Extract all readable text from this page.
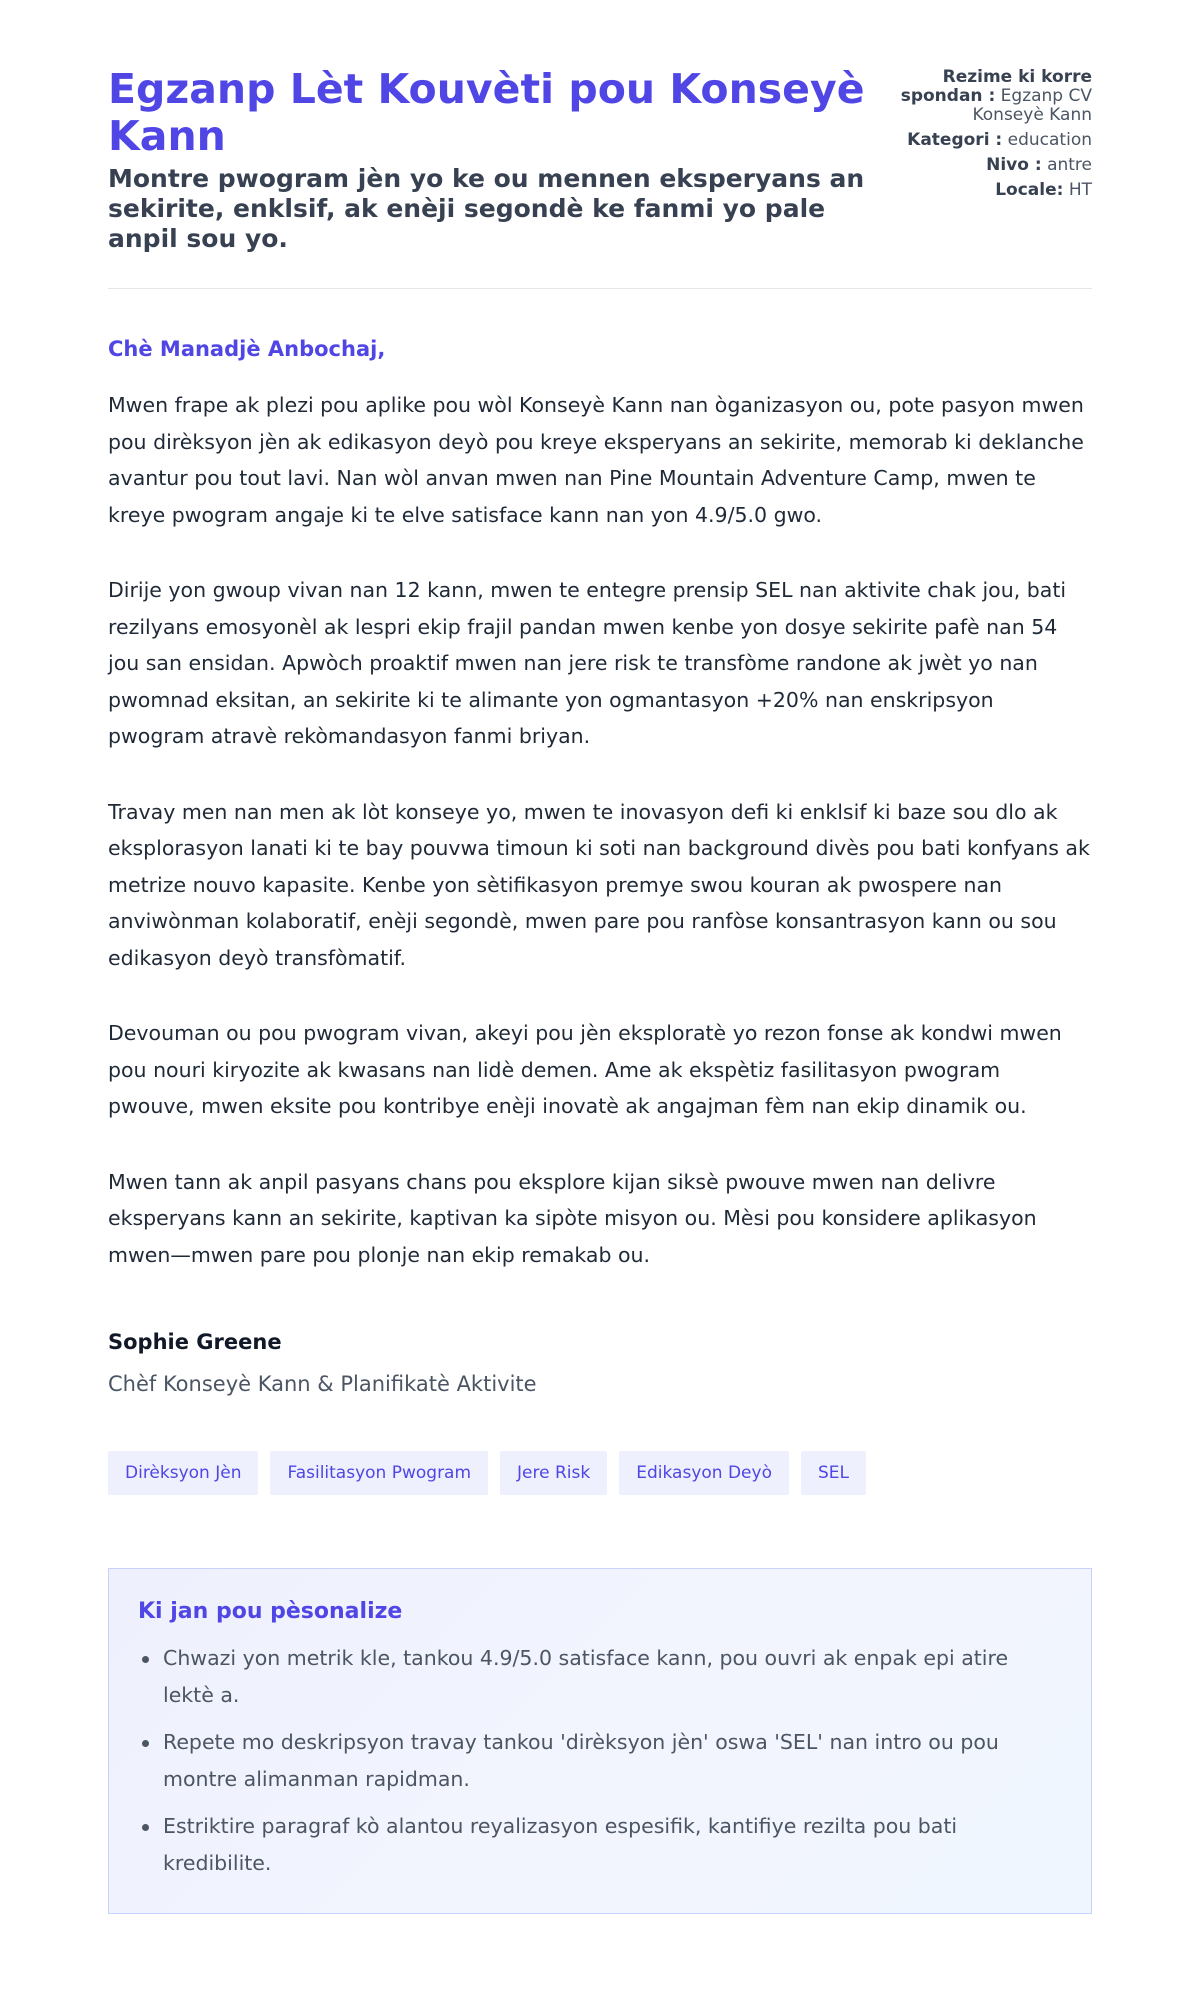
Egzanp Lèt Kouvèti pou Konseyè Kann
Montre pwogram jèn yo ke ou mennen eksperyans an sekirite, enklsif, ak enèji segondè ke fanmi yo pale anpil sou yo.
Rezime ki korre spondan : Egzanp CV Konseyè Kann
Kategori : education
Nivo : antre
Locale: HT
Chè Manadjè Anbochaj,

Mwen frape ak plezi pou aplike pou wòl Konseyè Kann nan òganizasyon ou, pote pasyon mwen pou dirèksyon jèn ak edikasyon deyò pou kreye eksperyans an sekirite, memorab ki deklanche avantur pou tout lavi. Nan wòl anvan mwen nan Pine Mountain Adventure Camp, mwen te kreye pwogram angaje ki te elve satisface kann nan yon 4.9/5.0 gwo.

Dirije yon gwoup vivan nan 12 kann, mwen te entegre prensip SEL nan aktivite chak jou, bati rezilyans emosyonèl ak lespri ekip frajil pandan mwen kenbe yon dosye sekirite pafè nan 54 jou san ensidan. Apwòch proaktif mwen nan jere risk te transfòme randone ak jwèt yo nan pwomnad eksitan, an sekirite ki te alimante yon ogmantasyon +20% nan enskripsyon pwogram atravè rekòmandasyon fanmi briyan.

Travay men nan men ak lòt konseye yo, mwen te inovasyon defi ki enklsif ki baze sou dlo ak eksplorasyon lanati ki te bay pouvwa timoun ki soti nan background divès pou bati konfyans ak metrize nouvo kapasite. Kenbe yon sètifikasyon premye swou kouran ak pwospere nan anviwònman kolaboratif, enèji segondè, mwen pare pou ranfòse konsantrasyon kann ou sou edikasyon deyò transfòmatif.

Devouman ou pou pwogram vivan, akeyi pou jèn eksploratè yo rezon fonse ak kondwi mwen pou nouri kiryozite ak kwasans nan lidè demen. Ame ak ekspètiz fasilitasyon pwogram pwouve, mwen eksite pou kontribye enèji inovatè ak angajman fèm nan ekip dinamik ou.

Mwen tann ak anpil pasyans chans pou eksplore kijan siksè pwouve mwen nan delivre eksperyans kann an sekirite, kaptivan ka sipòte misyon ou. Mèsi pou konsidere aplikasyon mwen—mwen pare pou plonje nan ekip remakab ou.

Sophie Greene
Chèf Konseyè Kann & Planifikatè Aktivite
Dirèksyon Jèn	Fasilitasyon Pwogram	Jere Risk	Edikasyon Deyò	SEL
Ki jan pou pèsonalize
Chwazi yon metrik kle, tankou 4.9/5.0 satisface kann, pou ouvri ak enpak epi atire lektè a.
Repete mo deskripsyon travay tankou 'dirèksyon jèn' oswa 'SEL' nan intro ou pou montre alimanman rapidman.
Estriktire paragraf kò alantou reyalizasyon espesifik, kantifiye rezilta pou bati kredibilite.
